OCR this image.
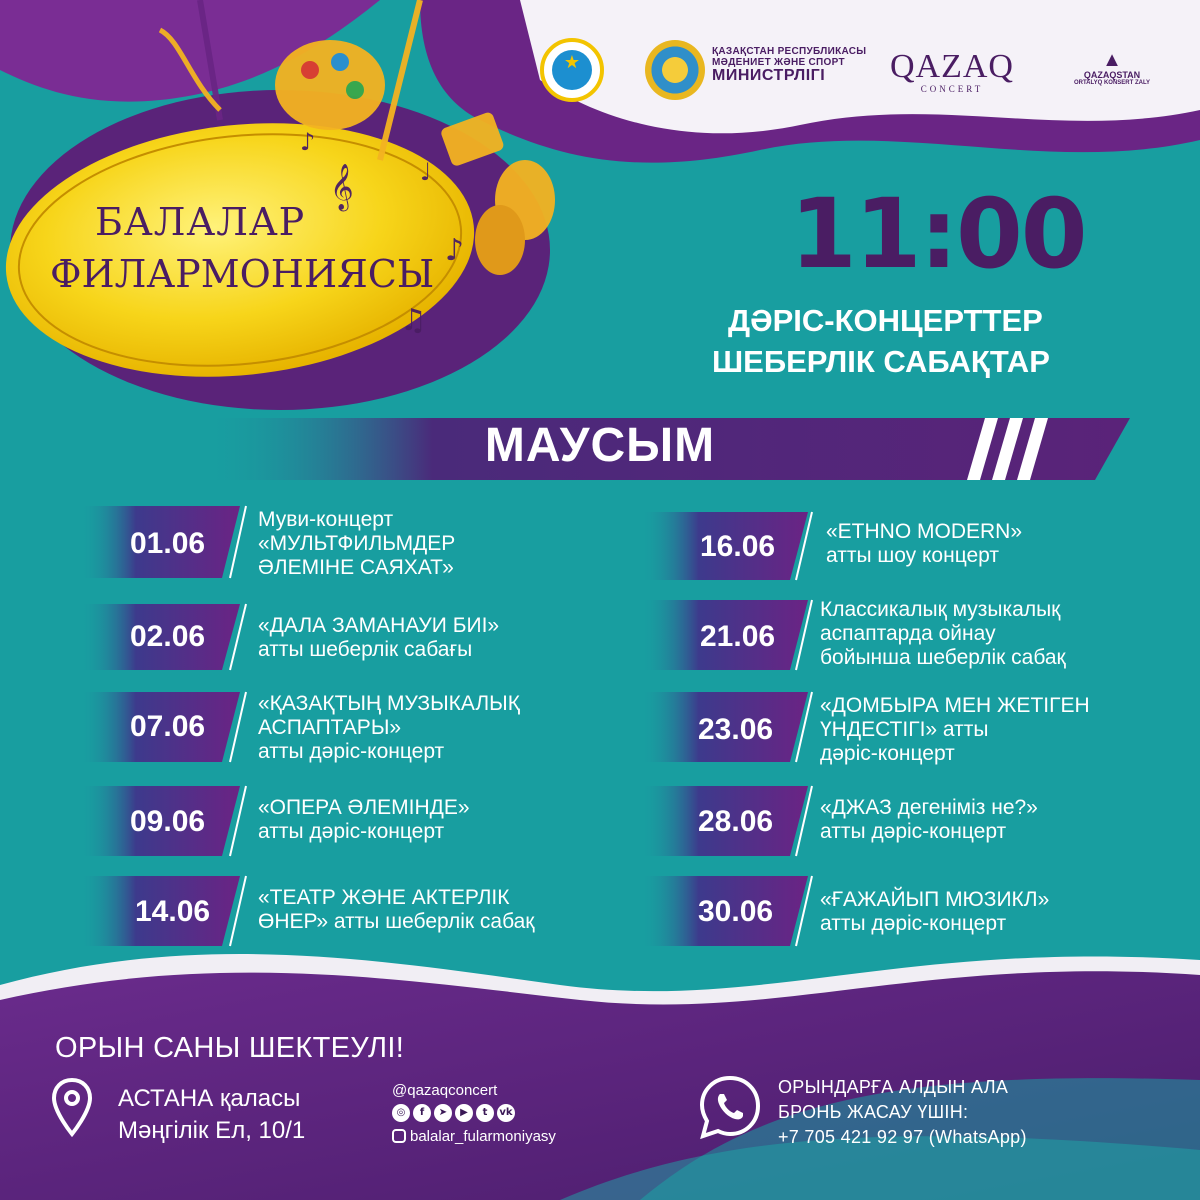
𝄞
♪
♫
♩
♪
★
ҚАЗАҚСТАН РЕСПУБЛИКАСЫ
МӘДЕНИЕТ ЖӘНЕ СПОРТ
МИНИСТРЛІГІ	QAZAQ
CONCERT
▲
QAZAQSTAN
ORTALYQ KONSERT ZALY
БАЛАЛАР
ФИЛАРМОНИЯСЫ	11:00
ДӘРІС-КОНЦЕРТТЕР
ШЕБЕРЛІК САБАҚТАР
МАУСЫМ
01.06
Муви-концерт
«МУЛЬТФИЛЬМДЕР
ӘЛЕМІНЕ САЯХАТ»
02.06	«ДАЛА ЗАМАНАУИ БИІ»
атты шеберлік сабағы
07.06
«ҚАЗАҚТЫҢ МУЗЫКАЛЫҚ
АСПАПТАРЫ»
атты дәріс-концерт
09.06	«ОПЕРА ӘЛЕМІНДЕ»
атты дәріс-концерт
14.06 «ТЕАТР ЖӘНЕ АКТЕРЛІК
ӨНЕР» атты шеберлік сабақ
16.06 «ETHNO MODERN»
атты шоу концерт
21.06
Классикалық музыкалық
аспаптарда ойнау
бойынша шеберлік сабақ
23.06
«ДОМБЫРА МЕН ЖЕТІГЕН
ҮНДЕСТІГІ» атты
дәріс-концерт
28.06 «ДЖАЗ дегеніміз не?»
атты дәріс-концерт
30.06 «ҒАЖАЙЫП МЮЗИКЛ»
атты дәріс-концерт
ОРЫН САНЫ ШЕКТЕУЛІ!
АСТАНА қаласы
Мәңгілік Ел, 10/1
@qazaqconcert
◎	f	➤	▶	t	vk
balalar_fularmoniyasy
ОРЫНДАРҒА АЛДЫН АЛА
БРОНЬ ЖАСАУ ҮШІН:
+7 705 421 92 97 (WhatsApp)
